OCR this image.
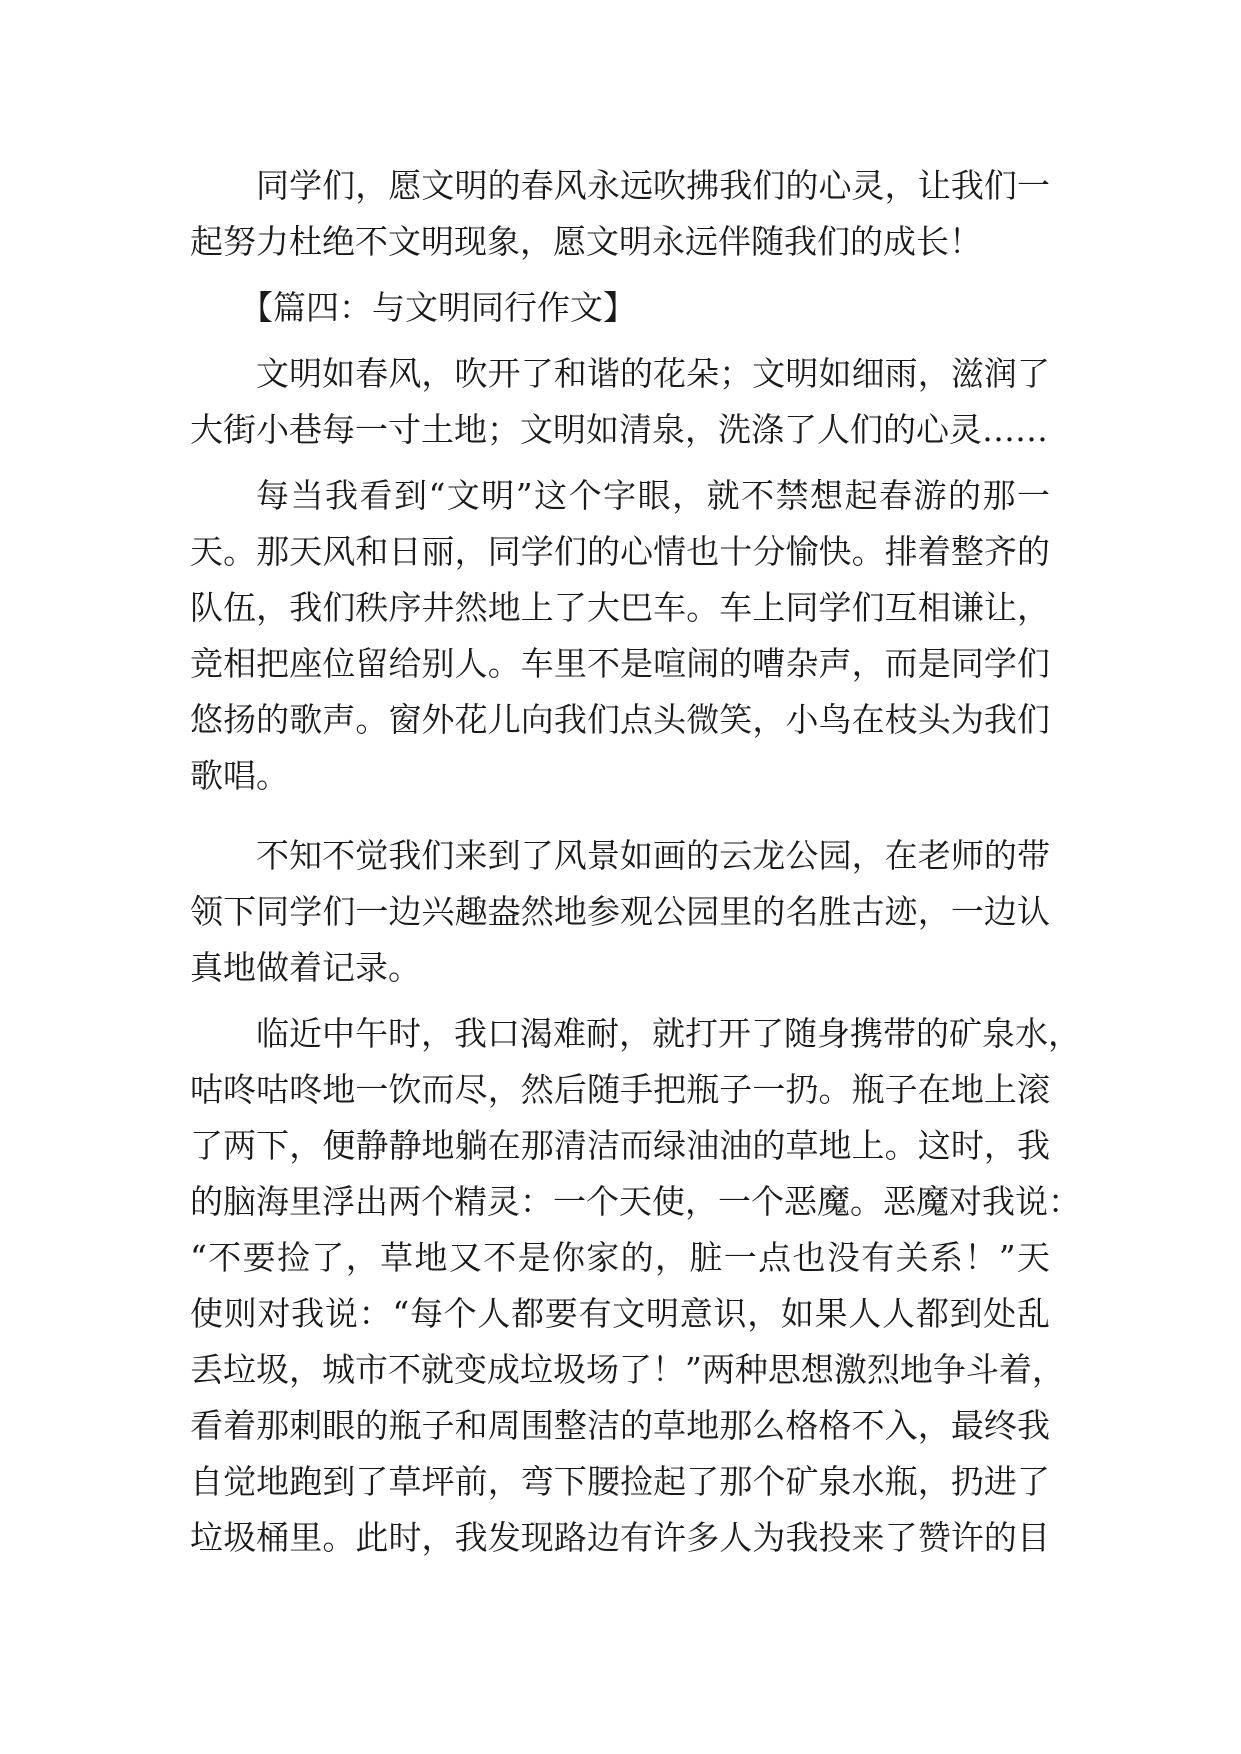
同学们，愿文明的春风永远吹拂我们的心灵，让我们一
起努力杜绝不文明现象，愿文明永远伴随我们的成长！
【篇四：与文明同行作文】
文明如春风，吹开了和谐的花朵；文明如细雨，滋润了
大街小巷每一寸土地；文明如清泉，洗涤了人们的心灵……
每当我看到“文明”这个字眼，就不禁想起春游的那一
天。那天风和日丽，同学们的心情也十分愉快。排着整齐的
队伍，我们秩序井然地上了大巴车。车上同学们互相谦让，
竞相把座位留给别人。车里不是喧闹的嘈杂声，而是同学们
悠扬的歌声。窗外花儿向我们点头微笑，小鸟在枝头为我们
歌唱。
不知不觉我们来到了风景如画的云龙公园，在老师的带
领下同学们一边兴趣盎然地参观公园里的名胜古迹，一边认
真地做着记录。
临近中午时，我口渴难耐，就打开了随身携带的矿泉水，
咕咚咕咚地一饮而尽，然后随手把瓶子一扔。瓶子在地上滚
了两下，便静静地躺在那清洁而绿油油的草地上。这时，我
的脑海里浮出两个精灵：一个天使，一个恶魔。恶魔对我说：
“不要捡了，草地又不是你家的，脏一点也没有关系！”天
使则对我说：“每个人都要有文明意识，如果人人都到处乱
丢垃圾，城市不就变成垃圾场了！”两种思想激烈地争斗着，
看着那刺眼的瓶子和周围整洁的草地那么格格不入，最终我
自觉地跑到了草坪前，弯下腰捡起了那个矿泉水瓶，扔进了
垃圾桶里。此时，我发现路边有许多人为我投来了赞许的目
